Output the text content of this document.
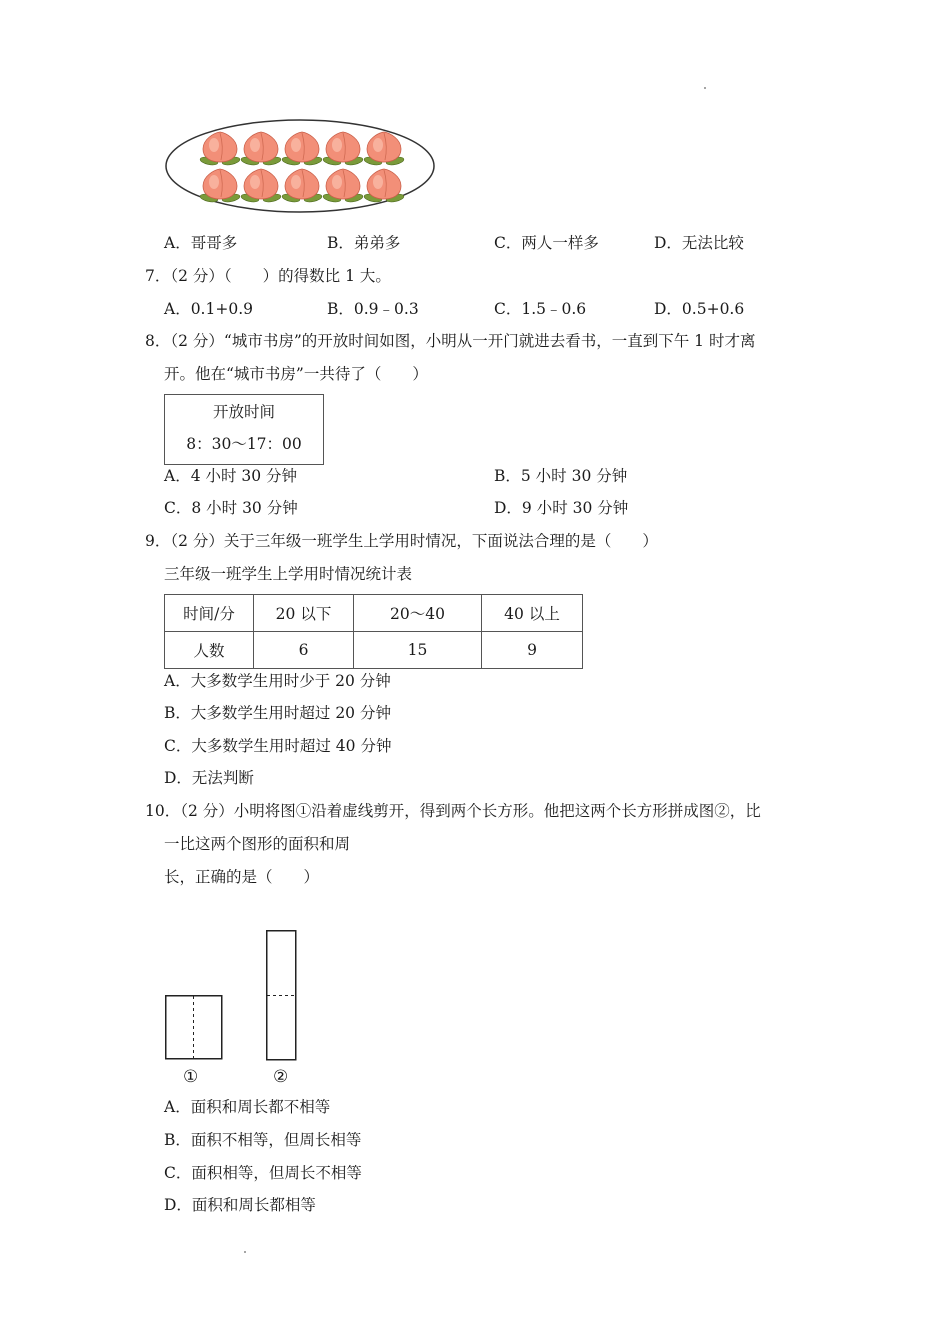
A．哥哥多	B．弟弟多	C．两人一样多	D．无法比较
7．（2 分）（　　）的得数比 1 大。
A．0.1+0.9	B．0.9﹣0.3	C．1.5﹣0.6	D．0.5+0.6
8．（2 分）“城市书房”的开放时间如图，小明从一开门就进去看书，一直到下午 1 时才离
开。他在“城市书房”一共待了（　　）
开放时间
8：30～17：00
A．4 小时 30 分钟	B．5 小时 30 分钟
C．8 小时 30 分钟	D．9 小时 30 分钟
9．（2 分）关于三年级一班学生上学用时情况，下面说法合理的是（　　）
三年级一班学生上学用时情况统计表
时间/分	20 以下	20～40	40 以上
人数	6	15	9
A．大多数学生用时少于 20 分钟
B．大多数学生用时超过 20 分钟
C．大多数学生用时超过 40 分钟
D．无法判断
10．（2 分）小明将图①沿着虚线剪开，得到两个长方形。他把这两个长方形拼成图②，比
一比这两个图形的面积和周
长，正确的是（　　）
①	②
A．面积和周长都不相等
B．面积不相等，但周长相等
C．面积相等，但周长不相等
D．面积和周长都相等
